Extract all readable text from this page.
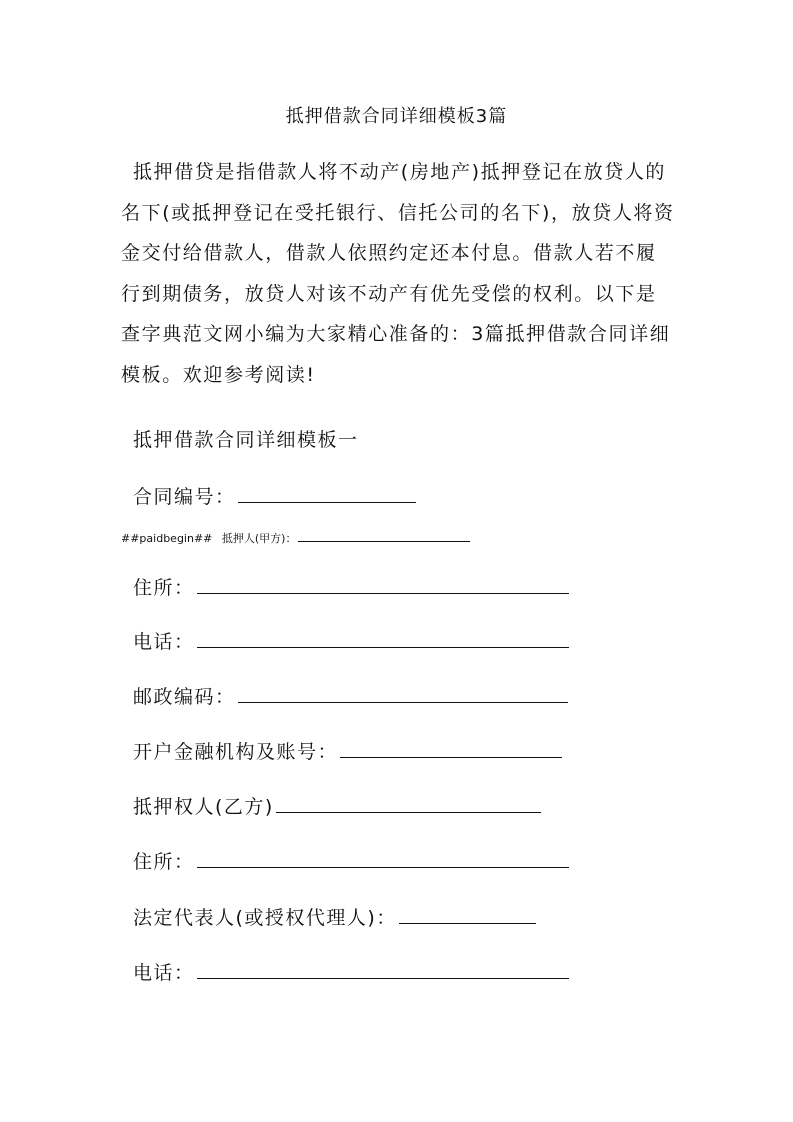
抵押借款合同详细模板3篇

抵押借贷是指借款人将不动产(房地产)抵押登记在放贷人的名下(或抵押登记在受托银行、信托公司的名下)，放贷人将资金交付给借款人，借款人依照约定还本付息。借款人若不履行到期债务，放贷人对该不动产有优先受偿的权利。以下是查字典范文网小编为大家精心准备的：3篇抵押借款合同详细模板。欢迎参考阅读!

抵押借款合同详细模板一
合同编号：
##paidbegin## 抵押人(甲方)：
住所：
电话：
邮政编码：
开户金融机构及账号：
抵押权人(乙方)
住所：
法定代表人(或授权代理人)：
电话：
